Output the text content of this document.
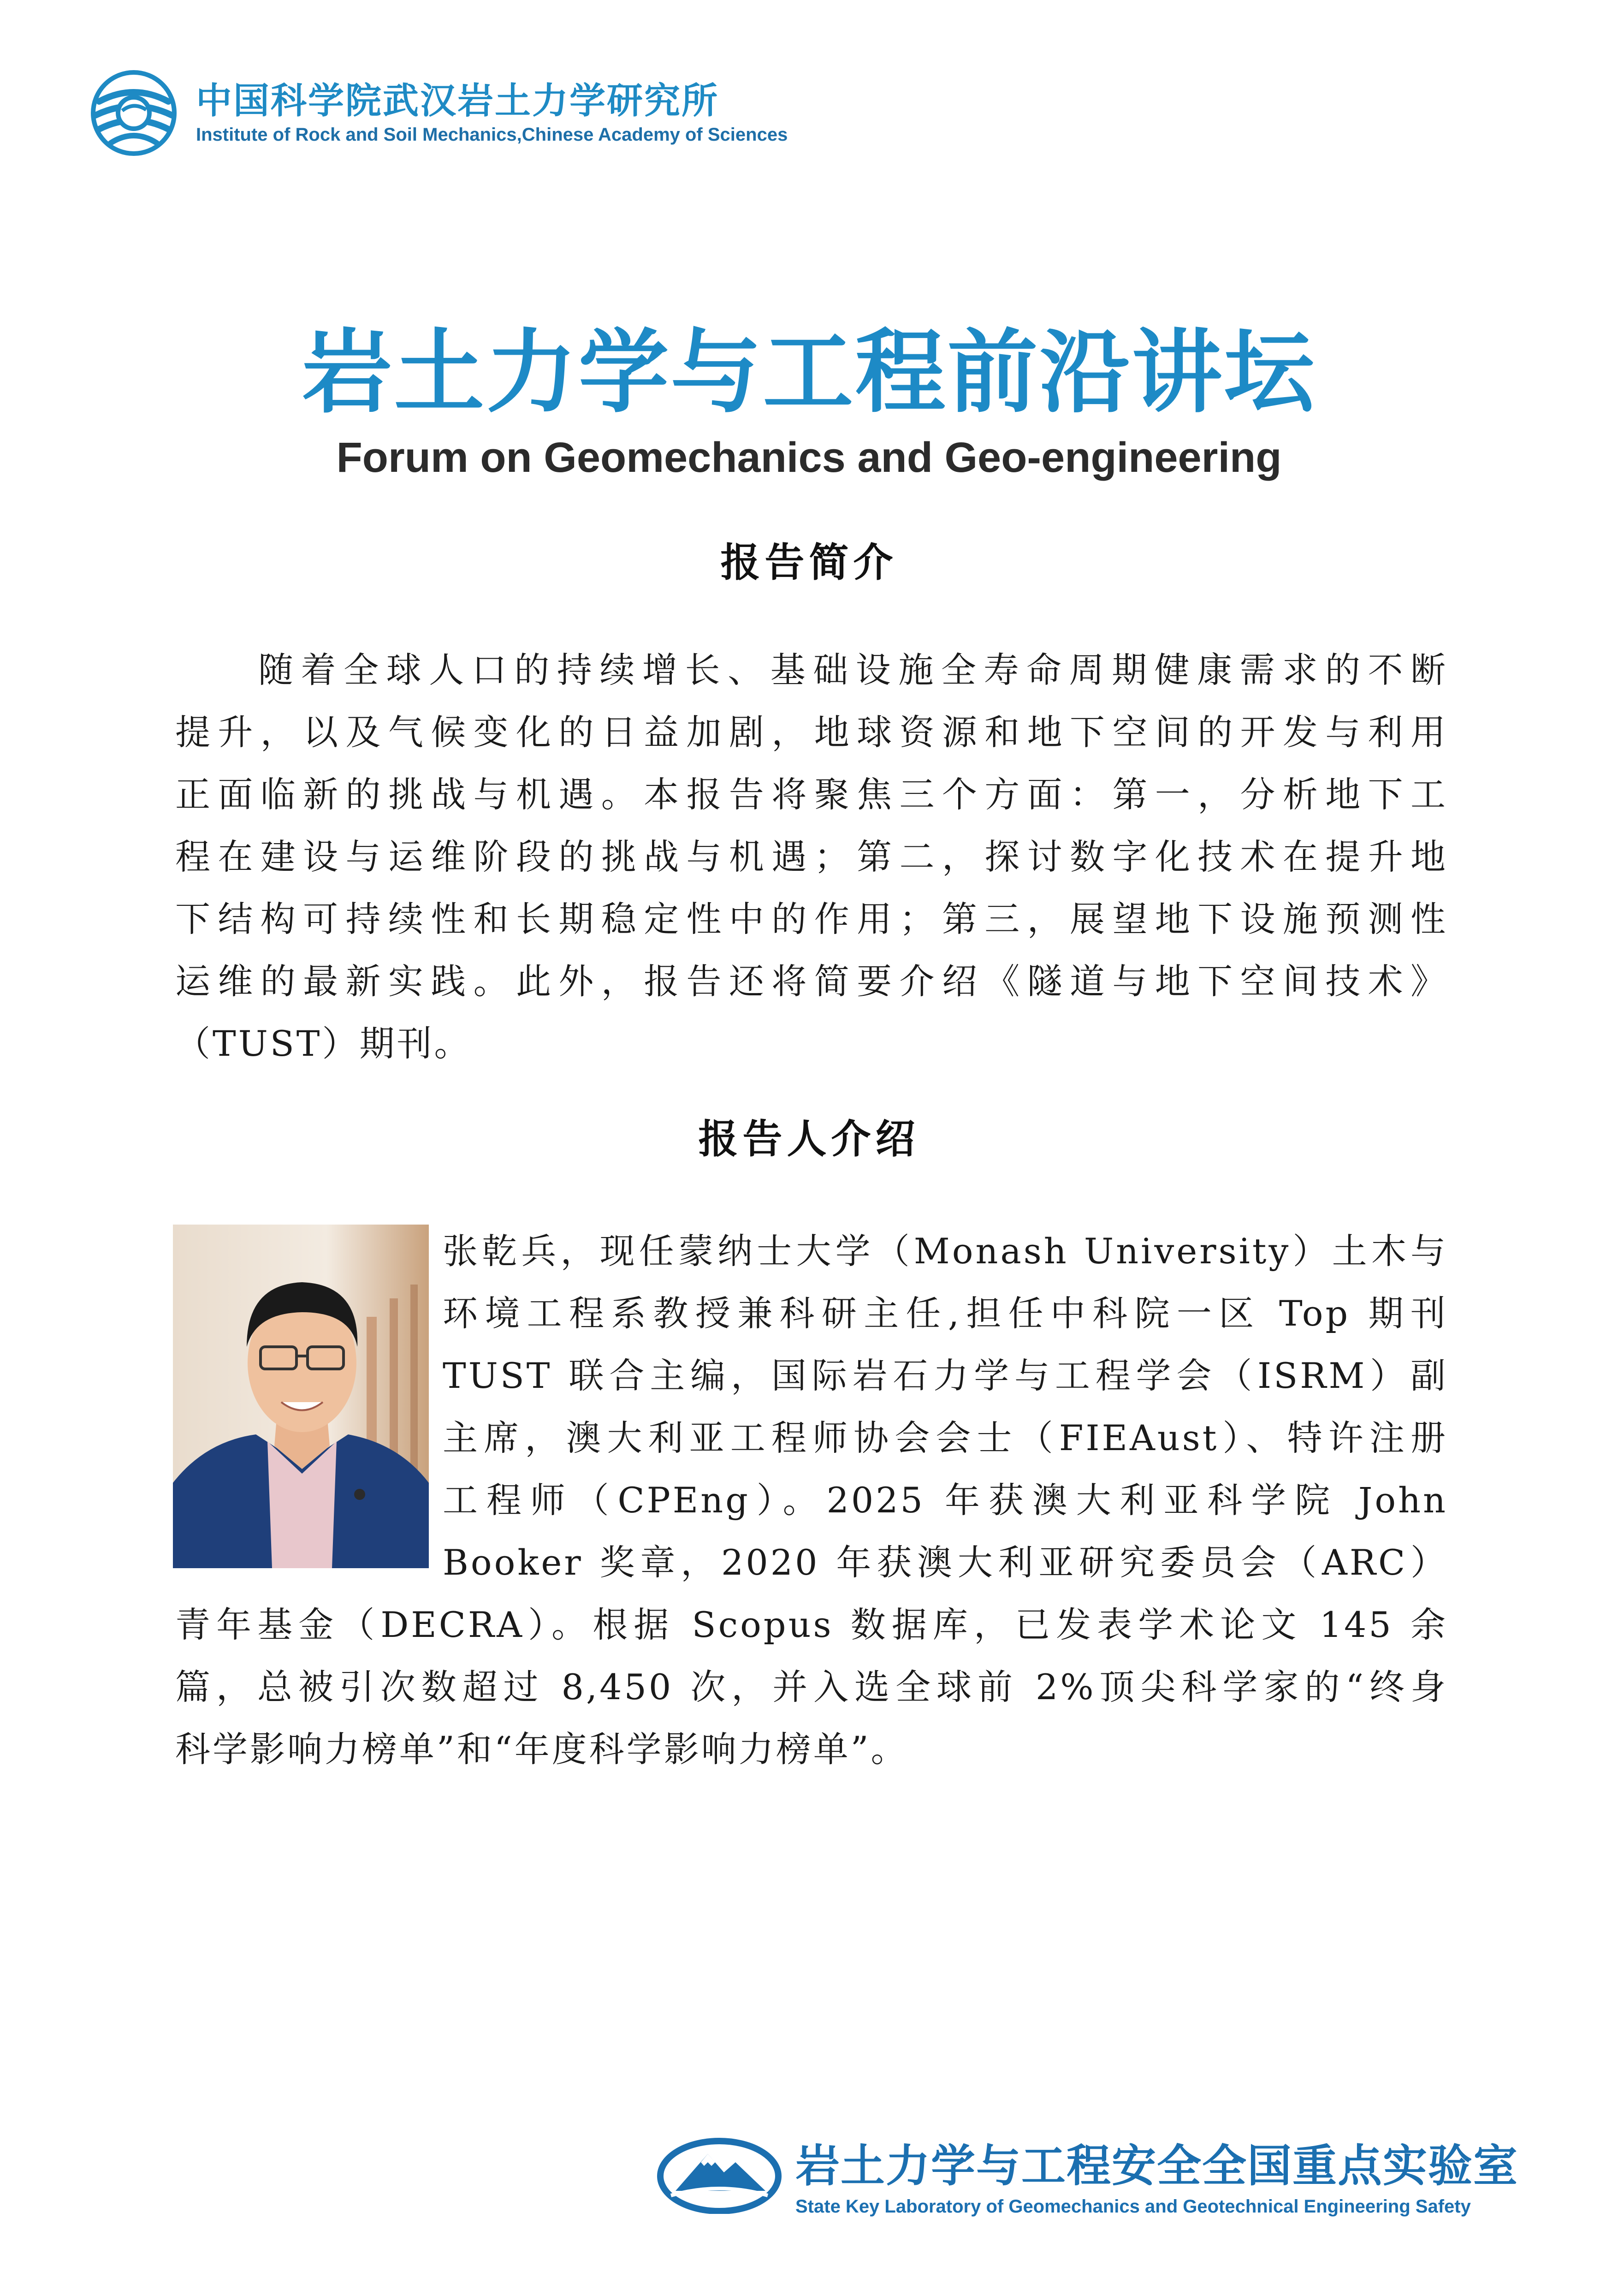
中国科学院武汉岩土力学研究所
Institute of Rock and Soil Mechanics,Chinese Academy of Sciences
岩土力学与工程前沿讲坛
Forum on Geomechanics and Geo-engineering
报告简介
随着全球人口的持续增长、基础设施全寿命周期健康需求的不断
提升，以及气候变化的日益加剧，地球资源和地下空间的开发与利用
正面临新的挑战与机遇。本报告将聚焦三个方面：第一，分析地下工
程在建设与运维阶段的挑战与机遇；第二，探讨数字化技术在提升地
下结构可持续性和长期稳定性中的作用；第三，展望地下设施预测性
运维的最新实践。此外，报告还将简要介绍《隧道与地下空间技术》
（TUST）期刊。
报告人介绍
张乾兵，现任蒙纳士大学（Monash University）土木与
环境工程系教授兼科研主任,担任中科院一区 Top 期刊
TUST 联合主编，国际岩石力学与工程学会（ISRM）副
主席，澳大利亚工程师协会会士（FIEAust）、特许注册
工程师（CPEng）。2025 年获澳大利亚科学院 John
Booker 奖章，2020 年获澳大利亚研究委员会（ARC）
青年基金（DECRA）。根据 Scopus 数据库，已发表学术论文 145 余
篇，总被引次数超过 8,450 次，并入选全球前 2%顶尖科学家的“终身
科学影响力榜单”和“年度科学影响力榜单”。
岩土力学与工程安全全国重点实验室
State Key Laboratory of Geomechanics and Geotechnical Engineering Safety
